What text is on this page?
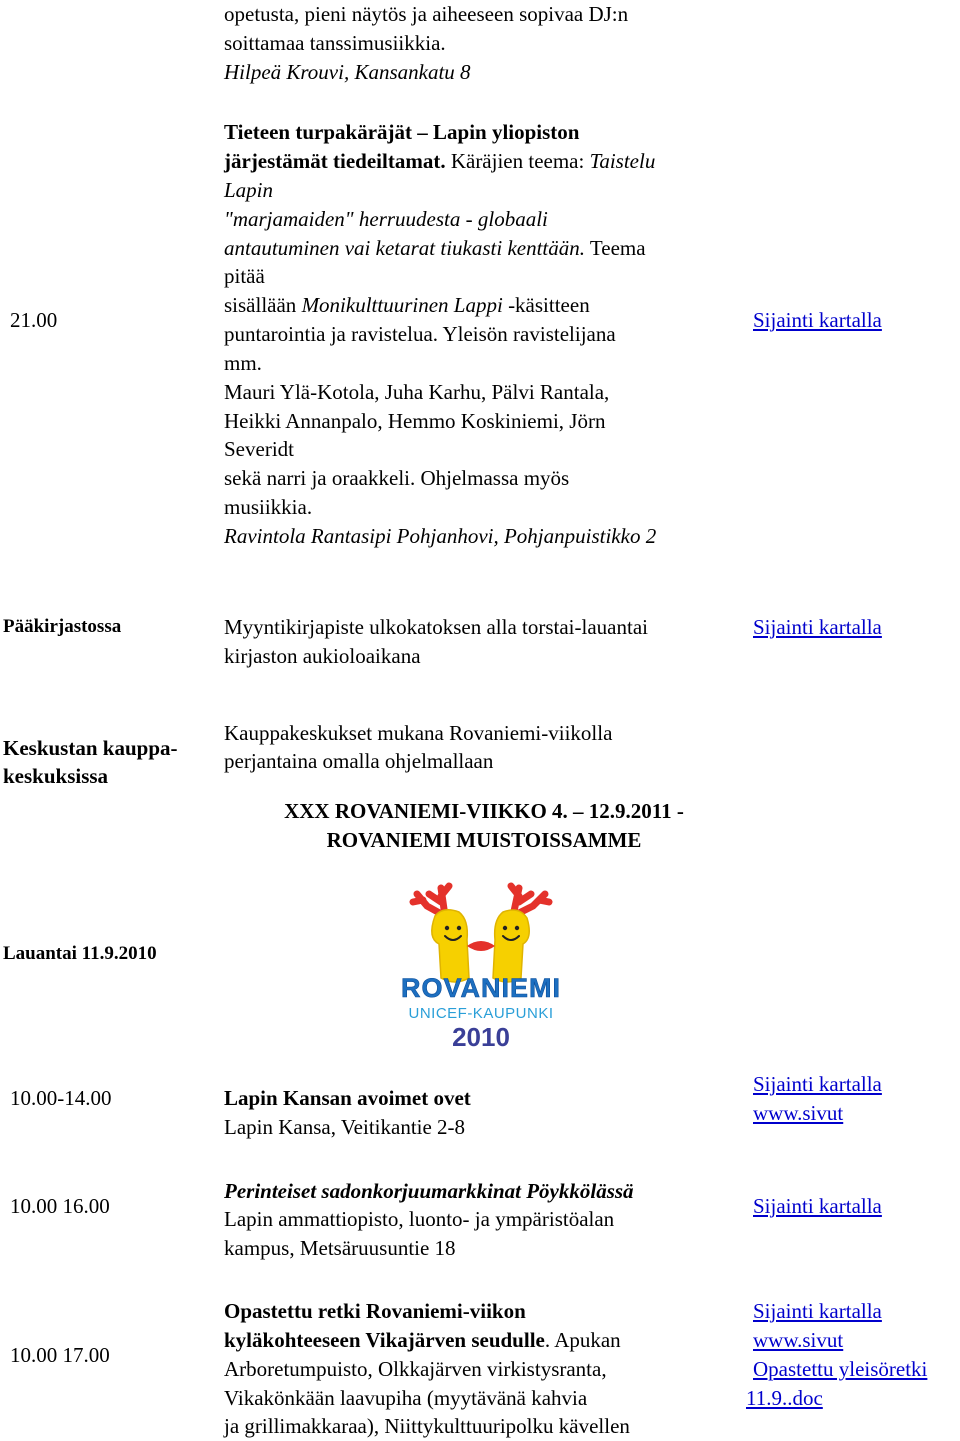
opetusta, pieni näytös ja aiheeseen sopivaa DJ:n
soittamaa tanssimusiikkia.
Hilpeä Krouvi, Kansankatu 8
21.00
Tieteen turpakäräjät – Lapin yliopiston
järjestämät tiedeiltamat. Käräjien teema: Taistelu
Lapin
"marjamaiden" herruudesta - globaali
antautuminen vai ketarat tiukasti kenttään. Teema
pitää
sisällään Monikulttuurinen Lappi -käsitteen
puntarointia ja ravistelua. Yleisön ravistelijana
mm.
Mauri Ylä-Kotola, Juha Karhu, Pälvi Rantala,
Heikki Annanpalo, Hemmo Koskiniemi, Jörn
Severidt
sekä narri ja oraakkeli. Ohjelmassa myös
musiikkia.
Ravintola Rantasipi Pohjanhovi, Pohjanpuistikko 2
Sijainti kartalla
Pääkirjastossa	Myyntikirjapiste ulkokatoksen alla torstai-lauantai
kirjaston aukioloaikana
Sijainti kartalla
Keskustan kauppa-
keskuksissa
Kauppakeskukset mukana Rovaniemi-viikolla
perjantaina omalla ohjelmallaan
XXX ROVANIEMI-VIIKKO 4. – 12.9.2011 -
ROVANIEMI MUISTOISSAMME
Lauantai 11.9.2010
ROVANIEMI
UNICEF-KAUPUNKI
2010
10.00-14.00	Lapin Kansan avoimet ovet
Lapin Kansa, Veitikantie 2-8
Sijainti kartalla
www.sivut
10.00 16.00
Perinteiset sadonkorjuumarkkinat Pöykkölässä
Lapin ammattiopisto, luonto- ja ympäristöalan
kampus, Metsäruusuntie 18
Sijainti kartalla
10.00 17.00
Opastettu retki Rovaniemi-viikon
kyläkohteeseen Vikajärven seudulle. Apukan
Arboretumpuisto, Olkkajärven virkistysranta,
Vikakönkään laavupiha (myytävänä kahvia
ja grillimakkaraa), Niittykulttuuripolku kävellen
Sijainti kartalla
www.sivut
Opastettu yleisöretki
11.9..doc
